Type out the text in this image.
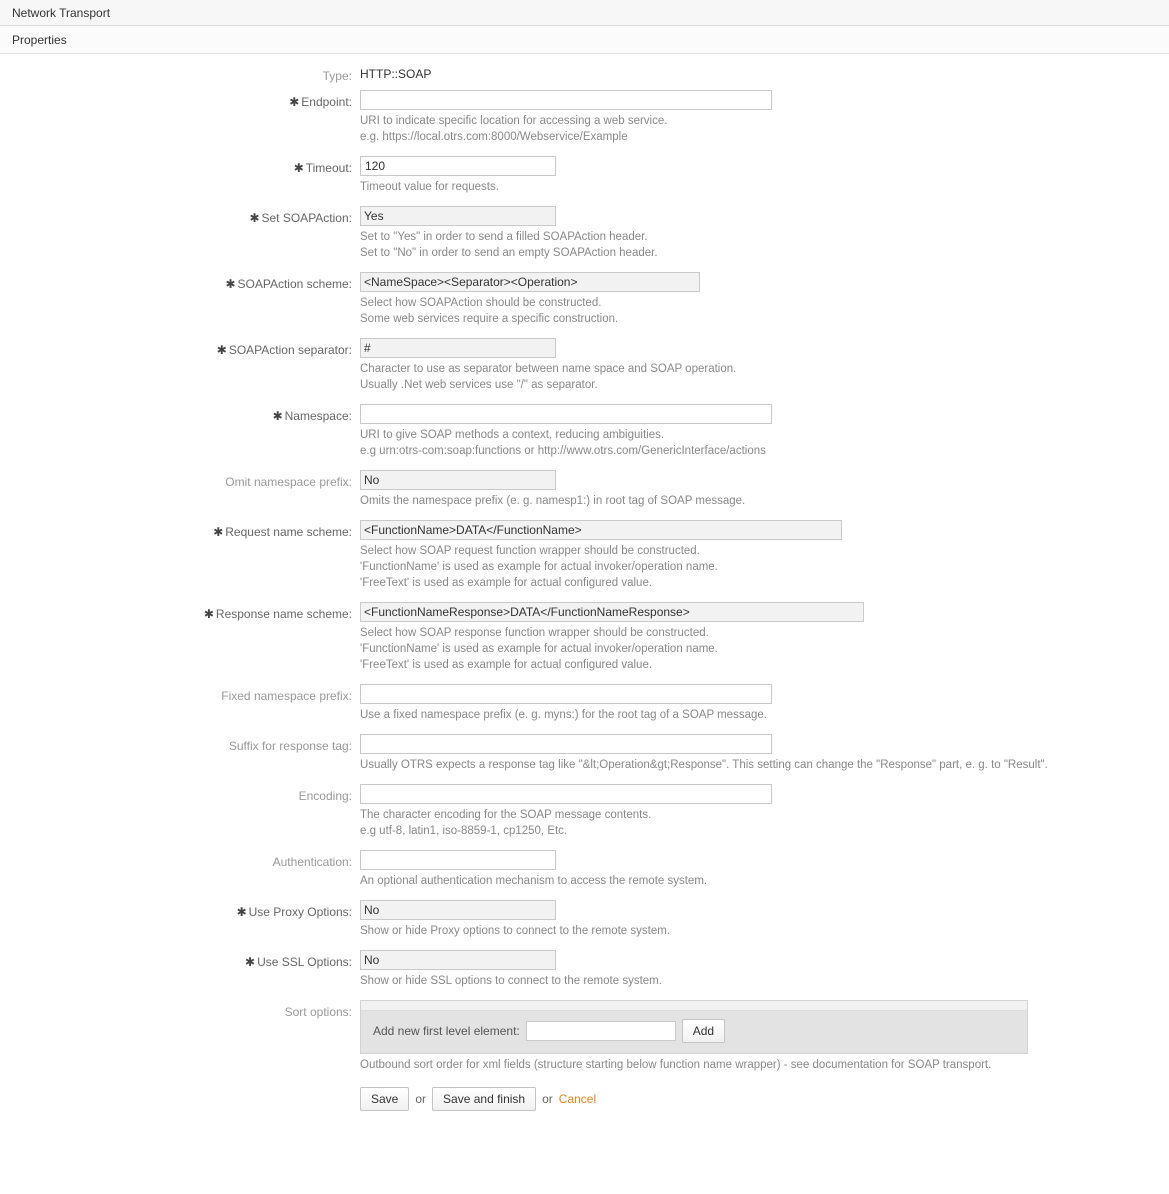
Network Transport
Properties
Type: HTTP::SOAP
✱ Endpoint:
URI to indicate specific location for accessing a web service.
e.g. https://local.otrs.com:8000/Webservice/Example
✱ Timeout:
120
Timeout value for requests.
✱ Set SOAPAction:
Yes
Set to "Yes" in order to send a filled SOAPAction header.
Set to "No" in order to send an empty SOAPAction header.
✱ SOAPAction scheme:
<NameSpace><Separator><Operation>
Select how SOAPAction should be constructed.
Some web services require a specific construction.
✱ SOAPAction separator:
#
Character to use as separator between name space and SOAP operation.
Usually .Net web services use "/" as separator.
✱ Namespace:
URI to give SOAP methods a context, reducing ambiguities.
e.g urn:otrs-com:soap:functions or http://www.otrs.com/GenericInterface/actions
Omit namespace prefix:
No
Omits the namespace prefix (e. g. namesp1:) in root tag of SOAP message.
✱ Request name scheme:
<FunctionName>DATA</FunctionName>
Select how SOAP request function wrapper should be constructed.
'FunctionName' is used as example for actual invoker/operation name.
'FreeText' is used as example for actual configured value.
✱ Response name scheme:
<FunctionNameResponse>DATA</FunctionNameResponse>
Select how SOAP response function wrapper should be constructed.
'FunctionName' is used as example for actual invoker/operation name.
'FreeText' is used as example for actual configured value.
Fixed namespace prefix:
Use a fixed namespace prefix (e. g. myns:) for the root tag of a SOAP message.
Suffix for response tag:
Usually OTRS expects a response tag like "&lt;Operation&gt;Response". This setting can change the "Response" part, e. g. to "Result".
Encoding:
The character encoding for the SOAP message contents.
e.g utf-8, latin1, iso-8859-1, cp1250, Etc.
Authentication:
An optional authentication mechanism to access the remote system.
✱ Use Proxy Options:
No
Show or hide Proxy options to connect to the remote system.
✱ Use SSL Options:
No
Show or hide SSL options to connect to the remote system.
Sort options:
Add new first level element:	Add
Outbound sort order for xml fields (structure starting below function name wrapper) - see documentation for SOAP transport.
Save	or	Save and finish	or Cancel
